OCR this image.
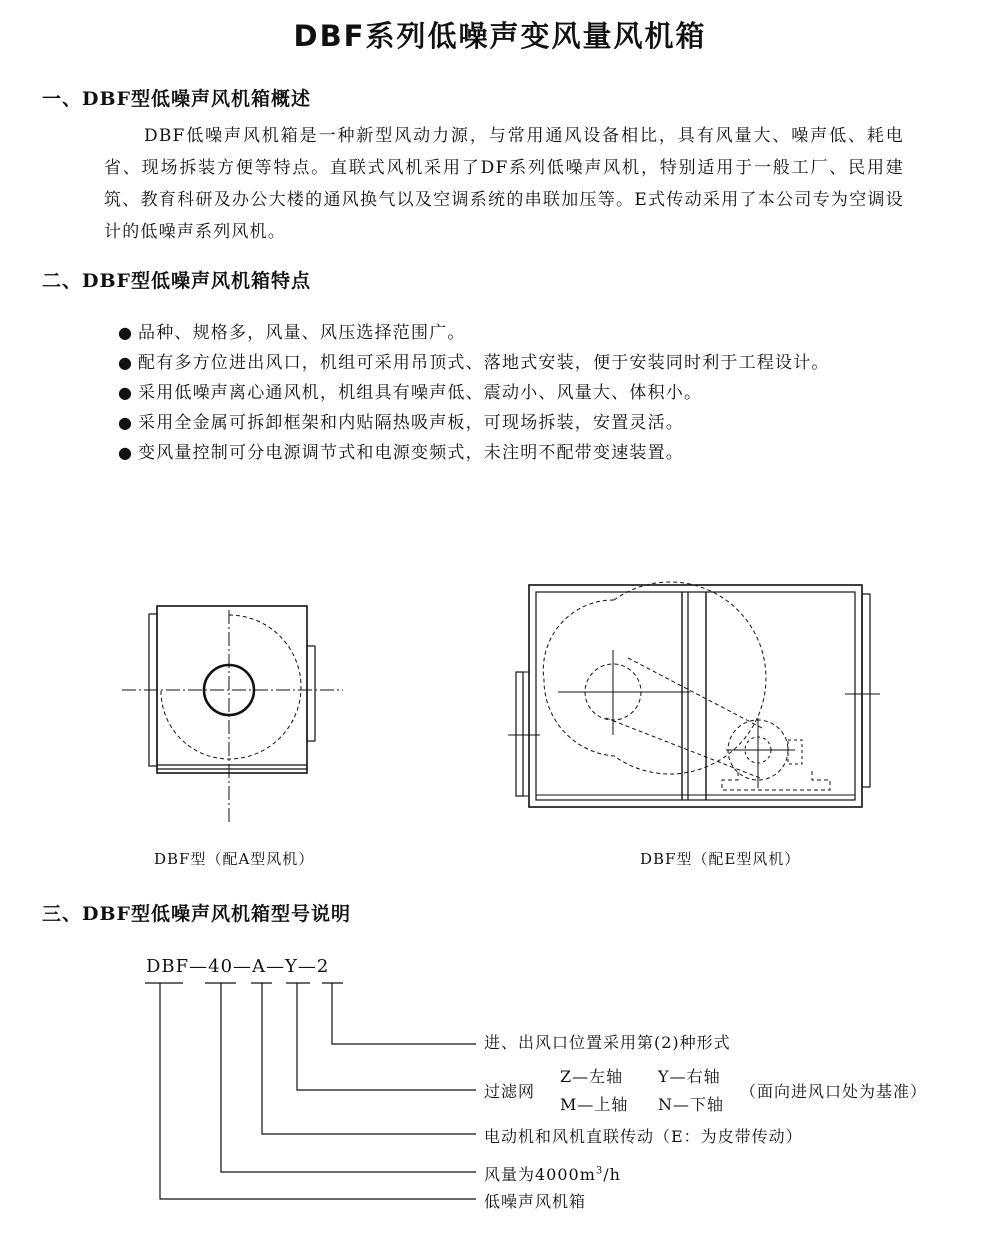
DBF系列低噪声变风量风机箱
一、DBF型低噪声风机箱概述
DBF低噪声风机箱是一种新型风动力源，与常用通风设备相比，具有风量大、噪声低、耗电省、现场拆装方便等特点。直联式风机采用了DF系列低噪声风机，特别适用于一般工厂、民用建筑、教育科研及办公大楼的通风换气以及空调系统的串联加压等。E式传动采用了本公司专为空调设计的低噪声系列风机。
二、DBF型低噪声风机箱特点
● 品种、规格多，风量、风压选择范围广。
● 配有多方位进出风口，机组可采用吊顶式、落地式安装，便于安装同时利于工程设计。
● 采用低噪声离心通风机，机组具有噪声低、震动小、风量大、体积小。
● 采用全金属可拆卸框架和内贴隔热吸声板，可现场拆装，安置灵活。
● 变风量控制可分电源调节式和电源变频式，未注明不配带变速装置。
DBF型（配A型风机）	DBF型（配E型风机）
三、DBF型低噪声风机箱型号说明
DBF—40—A—Y—2
进、出风口位置采用第(2)种形式
过滤网
Z—左轴 Y—右轴
M—上轴 N—下轴
（面向进风口处为基准）
电动机和风机直联传动（E：为皮带传动）
风量为$4000m^3/h$
低噪声风机箱
